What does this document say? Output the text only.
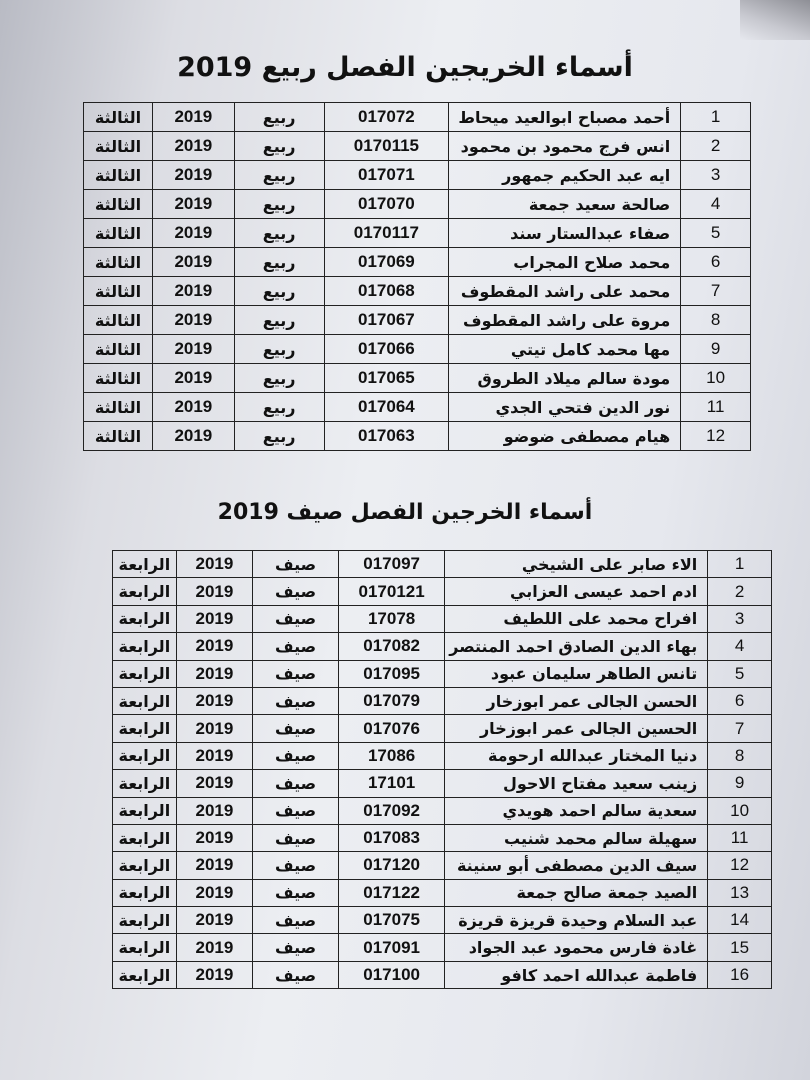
أسماء الخريجين الفصل ربيع 2019
1	أحمد مصباح ابوالعيد ميحاط	017072	ربيع	2019	الثالثة
2	انس فرج محمود بن محمود	0170115	ربيع	2019	الثالثة
3	ايه عبد الحكيم جمهور	017071	ربيع	2019	الثالثة
4	صالحة سعيد جمعة	017070	ربيع	2019	الثالثة
5	صفاء عبدالستار سند	0170117	ربيع	2019	الثالثة
6	محمد صلاح المجراب	017069	ربيع	2019	الثالثة
7	محمد على راشد المقطوف	017068	ربيع	2019	الثالثة
8	مروة على راشد المقطوف	017067	ربيع	2019	الثالثة
9	مها محمد كامل تيتي	017066	ربيع	2019	الثالثة
10	مودة سالم ميلاد الطروق	017065	ربيع	2019	الثالثة
11	نور الدين فتحي الجدي	017064	ربيع	2019	الثالثة
12	هيام مصطفى ضوضو	017063	ربيع	2019	الثالثة
أسماء الخرجين الفصل صيف 2019
1	الاء صابر على الشيخي	017097	صيف	2019	الرابعة
2	ادم احمد عيسى العزابي	0170121	صيف	2019	الرابعة
3	افراح محمد على اللطيف	17078	صيف	2019	الرابعة
4	بهاء الدين الصادق احمد المنتصر	017082	صيف	2019	الرابعة
5	تانس الطاهر سليمان عبود	017095	صيف	2019	الرابعة
6	الحسن الجالى عمر ابوزخار	017079	صيف	2019	الرابعة
7	الحسين الجالى عمر ابوزخار	017076	صيف	2019	الرابعة
8	دنيا المختار عبدالله ارحومة	17086	صيف	2019	الرابعة
9	زينب سعيد مفتاح الاحول	17101	صيف	2019	الرابعة
10	سعدية سالم احمد هويدي	017092	صيف	2019	الرابعة
11	سهيلة سالم محمد شنيب	017083	صيف	2019	الرابعة
12	سيف الدين مصطفى أبو سنينة	017120	صيف	2019	الرابعة
13	الصيد جمعة صالح جمعة	017122	صيف	2019	الرابعة
14	عبد السلام وحيدة قريزة قريزة	017075	صيف	2019	الرابعة
15	غادة فارس محمود عبد الجواد	017091	صيف	2019	الرابعة
16	فاطمة عبدالله احمد كافو	017100	صيف	2019	الرابعة
